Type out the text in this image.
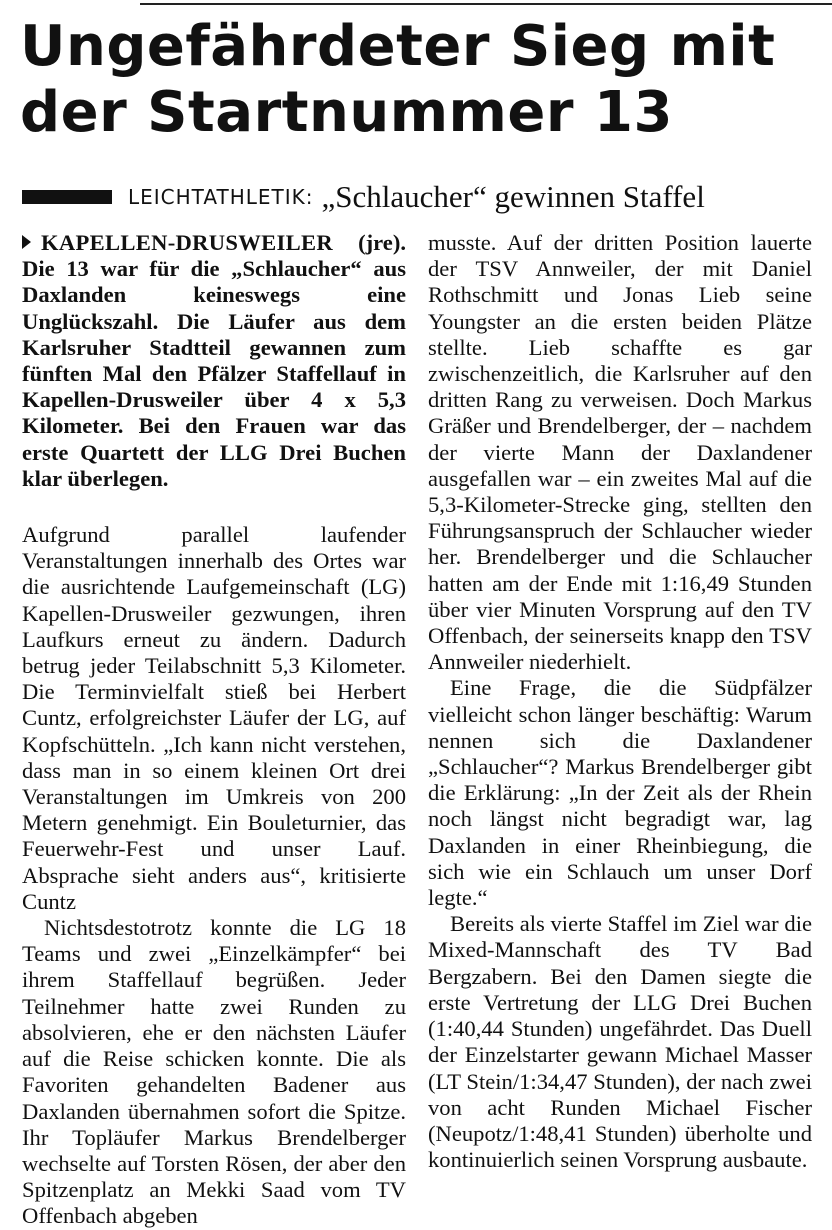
Ungefährdeter Sieg mit der Startnummer 13
LEICHTATHLETIK: „Schlaucher“ gewinnen Staffel

KAPELLEN-DRUSWEILER (jre).
Die 13 war für die „Schlaucher“ aus Daxlanden keineswegs eine Unglückszahl. Die Läufer aus dem Karlsruher Stadtteil gewannen zum fünften Mal den Pfälzer Staffellauf in Kapellen-Drusweiler über 4 x 5,3 Kilometer. Bei den Frauen war das erste Quartett der LLG Drei Buchen klar überlegen.

Aufgrund parallel laufender Veranstaltungen innerhalb des Ortes war die ausrichtende Laufgemeinschaft (LG) Kapellen-Drusweiler gezwungen, ihren Laufkurs erneut zu ändern. Dadurch betrug jeder Teilabschnitt 5,3 Kilometer. Die Terminvielfalt stieß bei Herbert Cuntz, erfolgreichster Läufer der LG, auf Kopfschütteln. „Ich kann nicht verstehen, dass man in so einem kleinen Ort drei Veranstaltungen im Umkreis von 200 Metern genehmigt. Ein Bouleturnier, das Feuerwehr-Fest und unser Lauf. Absprache sieht anders aus“, kritisierte Cuntz

Nichtsdestotrotz konnte die LG 18 Teams und zwei „Einzelkämpfer“ bei ihrem Staffellauf begrüßen. Jeder Teilnehmer hatte zwei Runden zu absolvieren, ehe er den nächsten Läufer auf die Reise schicken konnte. Die als Favoriten gehandelten Badener aus Daxlanden übernahmen sofort die Spitze. Ihr Topläufer Markus Brendelberger wechselte auf Torsten Rösen, der aber den Spitzenplatz an Mekki Saad vom TV Offenbach abgeben

musste. Auf der dritten Position lauerte der TSV Annweiler, der mit Daniel Rothschmitt und Jonas Lieb seine Youngster an die ersten beiden Plätze stellte. Lieb schaffte es gar zwischenzeitlich, die Karlsruher auf den dritten Rang zu verweisen. Doch Markus Gräßer und Brendelberger, der – nachdem der vierte Mann der Daxlandener ausgefallen war – ein zweites Mal auf die 5,3-Kilometer-Strecke ging, stellten den Führungsanspruch der Schlaucher wieder her. Brendelberger und die Schlaucher hatten am der Ende mit 1:16,49 Stunden über vier Minuten Vorsprung auf den TV Offenbach, der seinerseits knapp den TSV Annweiler niederhielt.

Eine Frage, die die Südpfälzer vielleicht schon länger beschäftig: Warum nennen sich die Daxlandener „Schlaucher“? Markus Brendelberger gibt die Erklärung: „In der Zeit als der Rhein noch längst nicht begradigt war, lag Daxlanden in einer Rheinbiegung, die sich wie ein Schlauch um unser Dorf legte.“

Bereits als vierte Staffel im Ziel war die Mixed-Mannschaft des TV Bad Bergzabern. Bei den Damen siegte die erste Vertretung der LLG Drei Buchen (1:40,44 Stunden) ungefährdet. Das Duell der Einzelstarter gewann Michael Masser (LT Stein/1:34,47 Stunden), der nach zwei von acht Runden Michael Fischer (Neupotz/1:48,41 Stunden) überholte und kontinuierlich seinen Vorsprung ausbaute.
